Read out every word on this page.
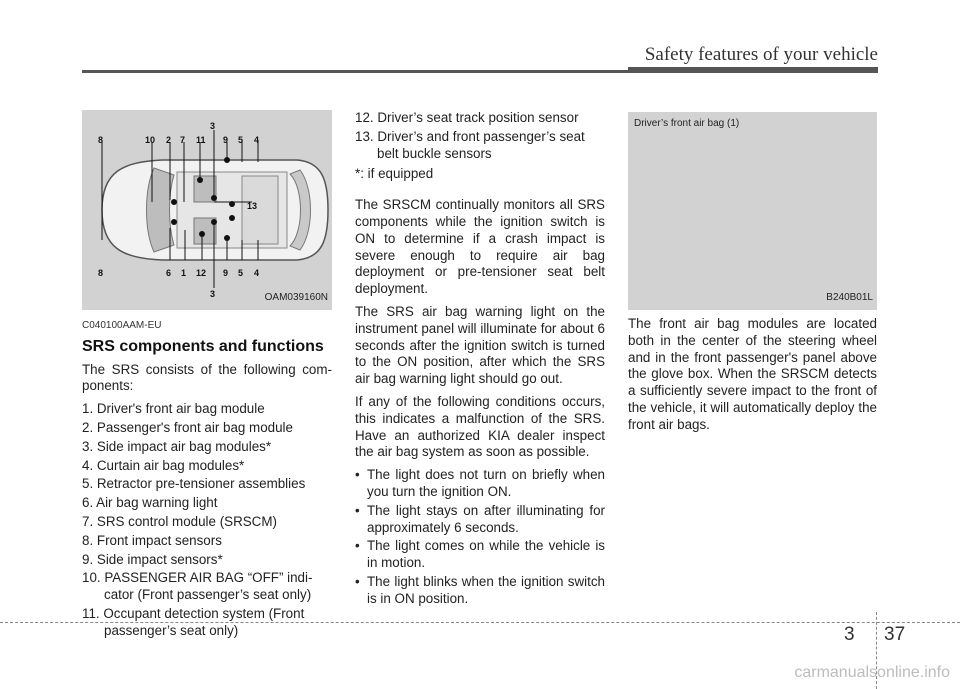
Safety features of your vehicle
8	10 2 7 11
3
9 5 4
13
8	6 1 12 9 5 4
3	OAM039160N
C040100AAM-EU
SRS components and functions

The SRS consists of the following com-ponents:

1. Driver's front air bag module
2. Passenger's front air bag module
3. Side impact air bag modules*
4. Curtain air bag modules*
5. Retractor pre-tensioner assemblies
6. Air bag warning light
7. SRS control module (SRSCM)
8. Front impact sensors
9. Side impact sensors*
10. PASSENGER AIR BAG “OFF” indi-cator (Front passenger’s seat only)
11. Occupant detection system (Front passenger’s seat only)
12. Driver’s seat track position sensor
13. Driver’s and front passenger’s seat belt buckle sensors

*: if equipped

The SRSCM continually monitors all SRS components while the ignition switch is ON to determine if a crash impact is severe enough to require air bag deployment or pre-tensioner seat belt deployment.

The SRS air bag warning light on the instrument panel will illuminate for about 6 seconds after the ignition switch is turned to the ON position, after which the SRS air bag warning light should go out.

If any of the following conditions occurs, this indicates a malfunction of the SRS. Have an authorized KIA dealer inspect the air bag system as soon as possible.

• The light does not turn on briefly when you turn the ignition ON.
• The light stays on after illuminating for approximately 6 seconds.
• The light comes on while the vehicle is in motion.
• The light blinks when the ignition switch is in ON position.
Driver’s front air bag (1)
B240B01L

The front air bag modules are located both in the center of the steering wheel and in the front passenger's panel above the glove box. When the SRSCM detects a sufficiently severe impact to the front of the vehicle, it will automatically deploy the front air bags.

3 37
carmanualsonline.info
